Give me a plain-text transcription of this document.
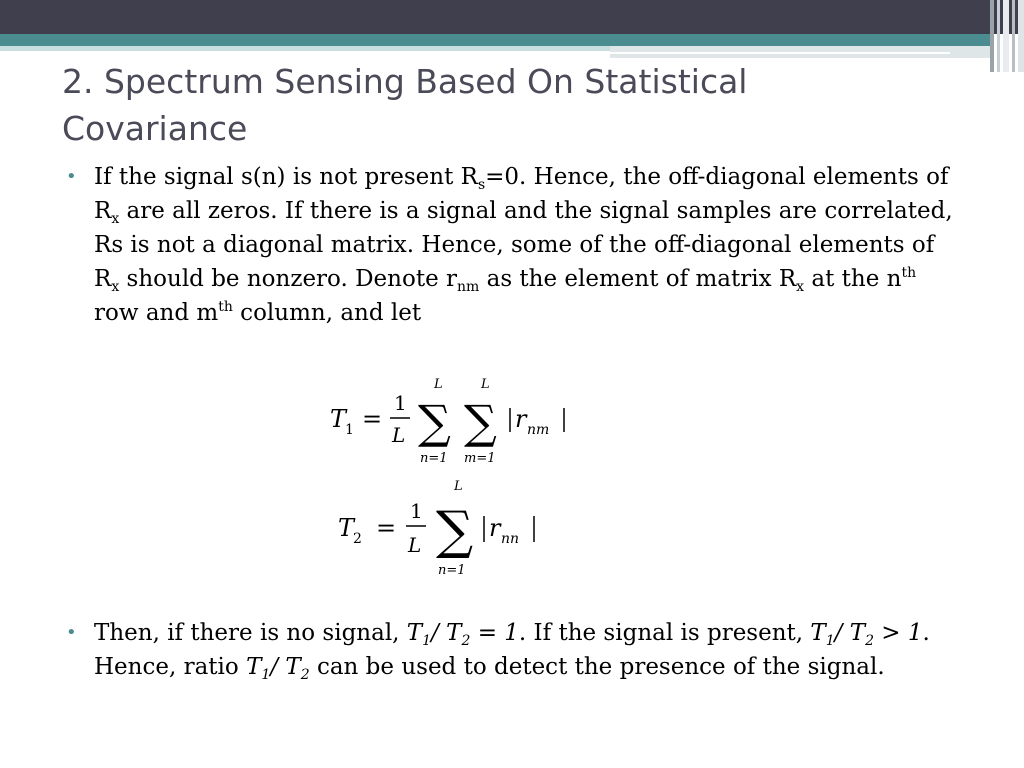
2. Spectrum Sensing Based On Statistical Covariance
• If the signal s(n) is not present $R_s=0$. Hence, the off-diagonal elements of $R_x$ are all zeros. If there is a signal and the signal samples are correlated, Rs is not a diagonal matrix. Hence, some of the off-diagonal elements of $R_x$ should be nonzero. Denote $r_{nm}$ as the element of matrix $R_x$ at the $n^{th}$ row and $m^{th}$ column, and let
T
1 =
1
L
L
∑
n=1
L
∑
m=1
r nm
T
2 =
1
L
L
∑
n=1
r nn
• Then, if there is no signal, $T_1/$ $T_2 = 1$. If the signal is present, $T_1/$ $T_2 > 1$. Hence, ratio $T_1/$ $T_2$ can be used to detect the presence of the signal.
